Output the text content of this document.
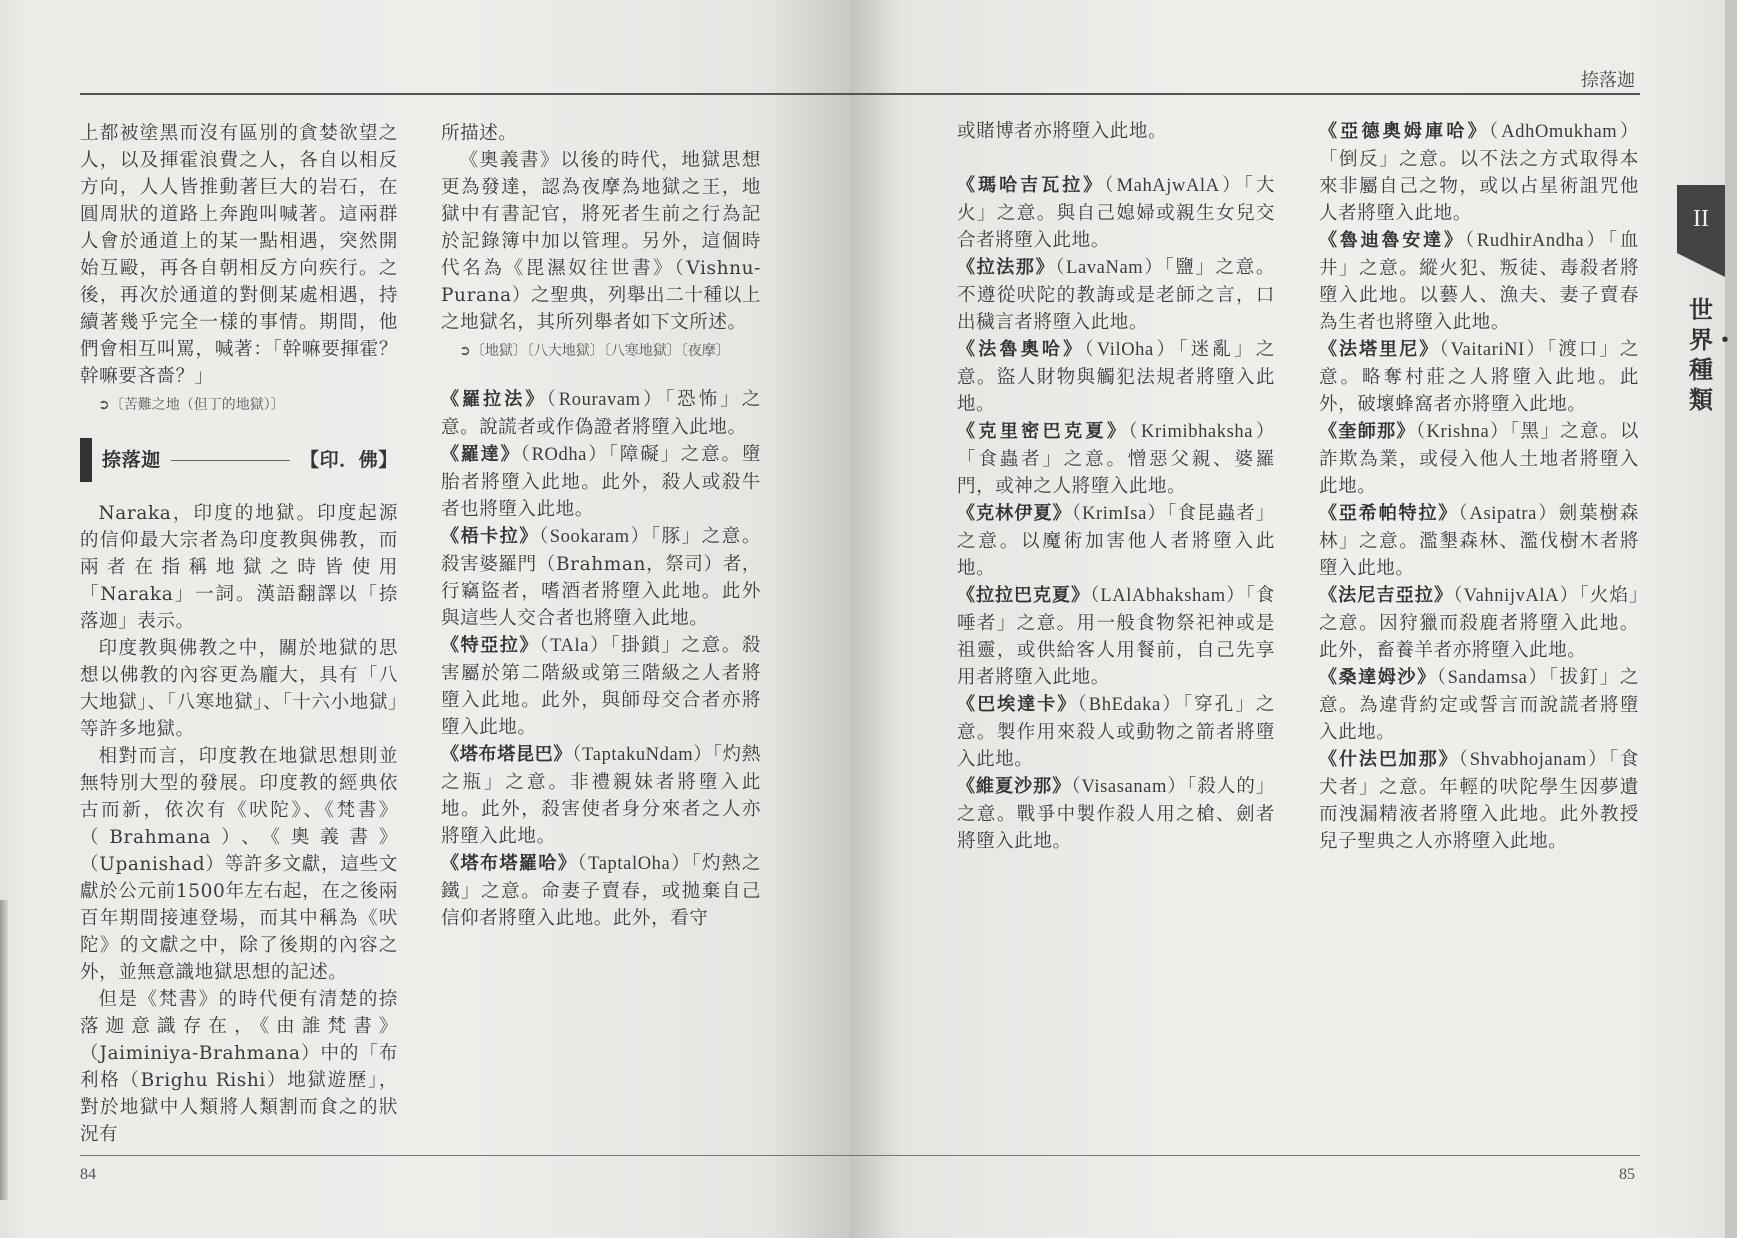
上都被塗黑而沒有區別的貪婪欲望之人，以及揮霍浪費之人，各自以相反方向，人人皆推動著巨大的岩石，在圓周狀的道路上奔跑叫喊著。這兩群人會於通道上的某一點相遇，突然開始互毆，再各自朝相反方向疾行。之後，再次於通道的對側某處相遇，持續著幾乎完全一樣的事情。期間，他們會相互叫罵，喊著：「幹嘛要揮霍？幹嘛要吝嗇？」

➲〔苦難之地（但丁的地獄）〕

捺落迦	【印．佛】

Naraka，印度的地獄。印度起源的信仰最大宗者為印度教與佛教，而兩者在指稱地獄之時皆使用「Naraka」一詞。漢語翻譯以「捺落迦」表示。

印度教與佛教之中，關於地獄的思想以佛教的內容更為龐大，具有「八大地獄」、「八寒地獄」、「十六小地獄」等許多地獄。

相對而言，印度教在地獄思想則並無特別大型的發展。印度教的經典依古而新，依次有《吠陀》、《梵書》（Brahmana）、《奧義書》（Upanishad）等許多文獻，這些文獻於公元前1500年左右起，在之後兩百年期間接連登場，而其中稱為《吠陀》的文獻之中，除了後期的內容之外，並無意識地獄思想的記述。

但是《梵書》的時代便有清楚的捺落迦意識存在，《由誰梵書》（Jaiminiya-Brahmana）中的「布利格（Brighu Rishi）地獄遊歷」，對於地獄中人類將人類割而食之的狀況有

所描述。

《奧義書》以後的時代，地獄思想更為發達，認為夜摩為地獄之王，地獄中有書記官，將死者生前之行為記於記錄簿中加以管理。另外，這個時代名為《毘濕奴往世書》（Vishnu-Purana）之聖典，列舉出二十種以上之地獄名，其所列舉者如下文所述。

➲〔地獄〕〔八大地獄〕〔八寒地獄〕〔夜摩〕

《羅拉法》（Rouravam）「恐怖」之意。說謊者或作偽證者將墮入此地。

《羅達》（ROdha）「障礙」之意。墮胎者將墮入此地。此外，殺人或殺牛者也將墮入此地。

《梧卡拉》（Sookaram）「豚」之意。殺害婆羅門（Brahman，祭司）者，行竊盜者，嗜酒者將墮入此地。此外與這些人交合者也將墮入此地。

《特亞拉》（TAla）「掛鎖」之意。殺害屬於第二階級或第三階級之人者將墮入此地。此外，與師母交合者亦將墮入此地。

《塔布塔昆巴》（TaptakuNdam）「灼熱之瓶」之意。非禮親妹者將墮入此地。此外，殺害使者身分來者之人亦將墮入此地。

《塔布塔羅哈》（TaptalOha）「灼熱之鐵」之意。命妻子賣春，或拋棄自己信仰者將墮入此地。此外，看守

84
捺落迦

或賭博者亦將墮入此地。

《瑪哈吉瓦拉》（MahAjwAlA）「大火」之意。與自己媳婦或親生女兒交合者將墮入此地。

《拉法那》（LavaNam）「鹽」之意。不遵從吠陀的教誨或是老師之言，口出穢言者將墮入此地。

《法魯奧哈》（VilOha）「迷亂」之意。盜人財物與觸犯法規者將墮入此地。

《克里密巴克夏》（Krimibhaksha）「食蟲者」之意。憎惡父親、婆羅門，或神之人將墮入此地。

《克林伊夏》（KrimIsa）「食昆蟲者」之意。以魔術加害他人者將墮入此地。

《拉拉巴克夏》（LAlAbhaksham）「食唾者」之意。用一般食物祭祀神或是祖靈，或供給客人用餐前，自己先享用者將墮入此地。

《巴埃達卡》（BhEdaka）「穿孔」之意。製作用來殺人或動物之箭者將墮入此地。

《維夏沙那》（Visasanam）「殺人的」之意。戰爭中製作殺人用之槍、劍者將墮入此地。

《亞德奧姆庫哈》（AdhOmukham）「倒反」之意。以不法之方式取得本來非屬自己之物，或以占星術詛咒他人者將墮入此地。

《魯迪魯安達》（RudhirAndha）「血井」之意。縱火犯、叛徒、毒殺者將墮入此地。以藝人、漁夫、妻子賣春為生者也將墮入此地。

《法塔里尼》（VaitariNI）「渡口」之意。略奪村莊之人將墮入此地。此外，破壞蜂窩者亦將墮入此地。

《奎師那》（Krishna）「黑」之意。以詐欺為業，或侵入他人土地者將墮入此地。

《亞希帕特拉》（Asipatra）劍葉樹森林」之意。濫墾森林、濫伐樹木者將墮入此地。

《法尼吉亞拉》（VahnijvAlA）「火焰」之意。因狩獵而殺鹿者將墮入此地。此外，畜養羊者亦將墮入此地。

《桑達姆沙》（Sandamsa）「拔釘」之意。為違背約定或誓言而說謊者將墮入此地。

《什法巴加那》（Shvabhojanam）「食犬者」之意。年輕的吠陀學生因夢遺而洩漏精液者將墮入此地。此外教授兒子聖典之人亦將墮入此地。

II
世界・種類
85
